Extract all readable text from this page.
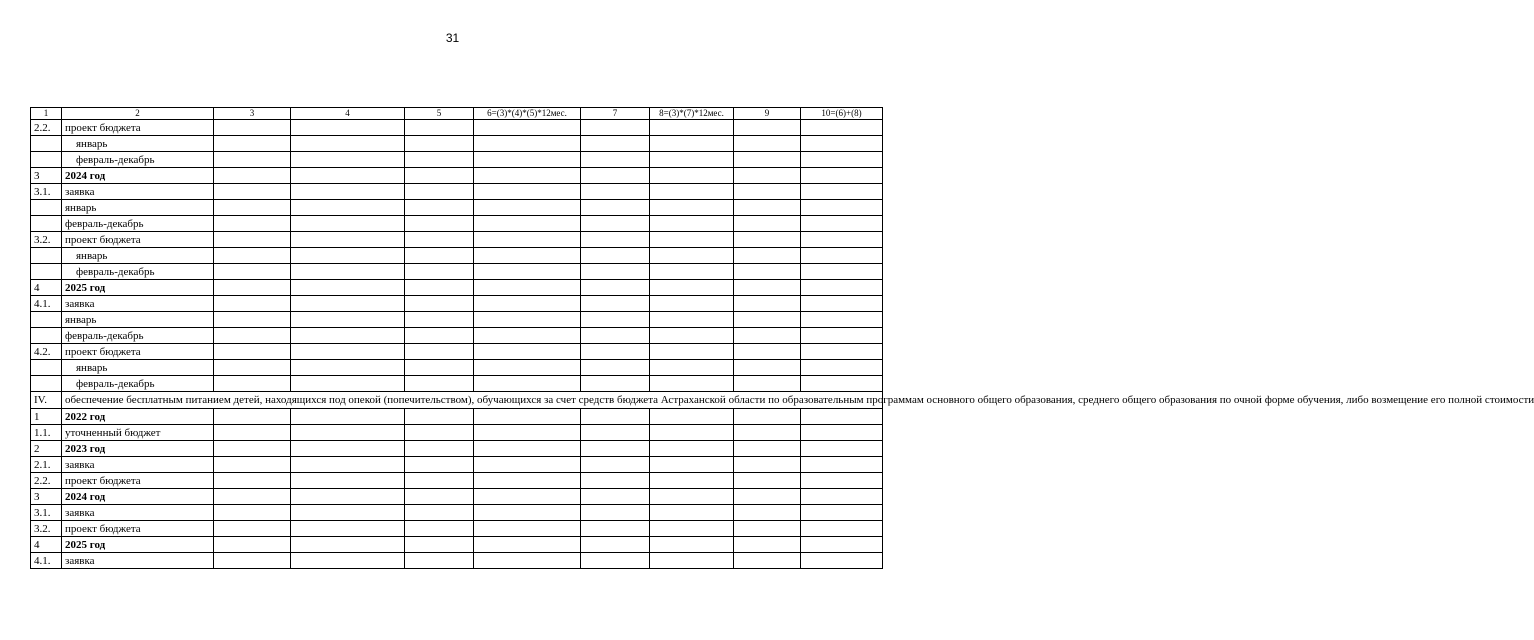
31
1	2	3	4	5	6=(3)*(4)*(5)*12мес.	7	8=(3)*(7)*12мес.	9	10=(6)+(8)
2.2.	проект бюджета								
	январь								
	февраль-декабрь								
3	2024 год								
3.1.	заявка								
	январь								
	февраль-декабрь								
3.2.	проект бюджета								
	январь								
	февраль-декабрь								
4	2025 год								
4.1.	заявка								
	январь								
	февраль-декабрь								
4.2.	проект бюджета								
	январь								
	февраль-декабрь								
IV.	обеспечение бесплатным питанием детей, находящихся под опекой (попечительством), обучающихся за счет средств бюджета Астраханской области по образовательным программам основного общего образования, среднего общего образования по очной форме обучения, либо возмещение его полной стоимости								
1	2022 год								
1.1.	уточненный бюджет								
2	2023 год								
2.1.	заявка								
2.2.	проект бюджета								
3	2024 год								
3.1.	заявка								
3.2.	проект бюджета								
4	2025 год								
4.1.	заявка								
